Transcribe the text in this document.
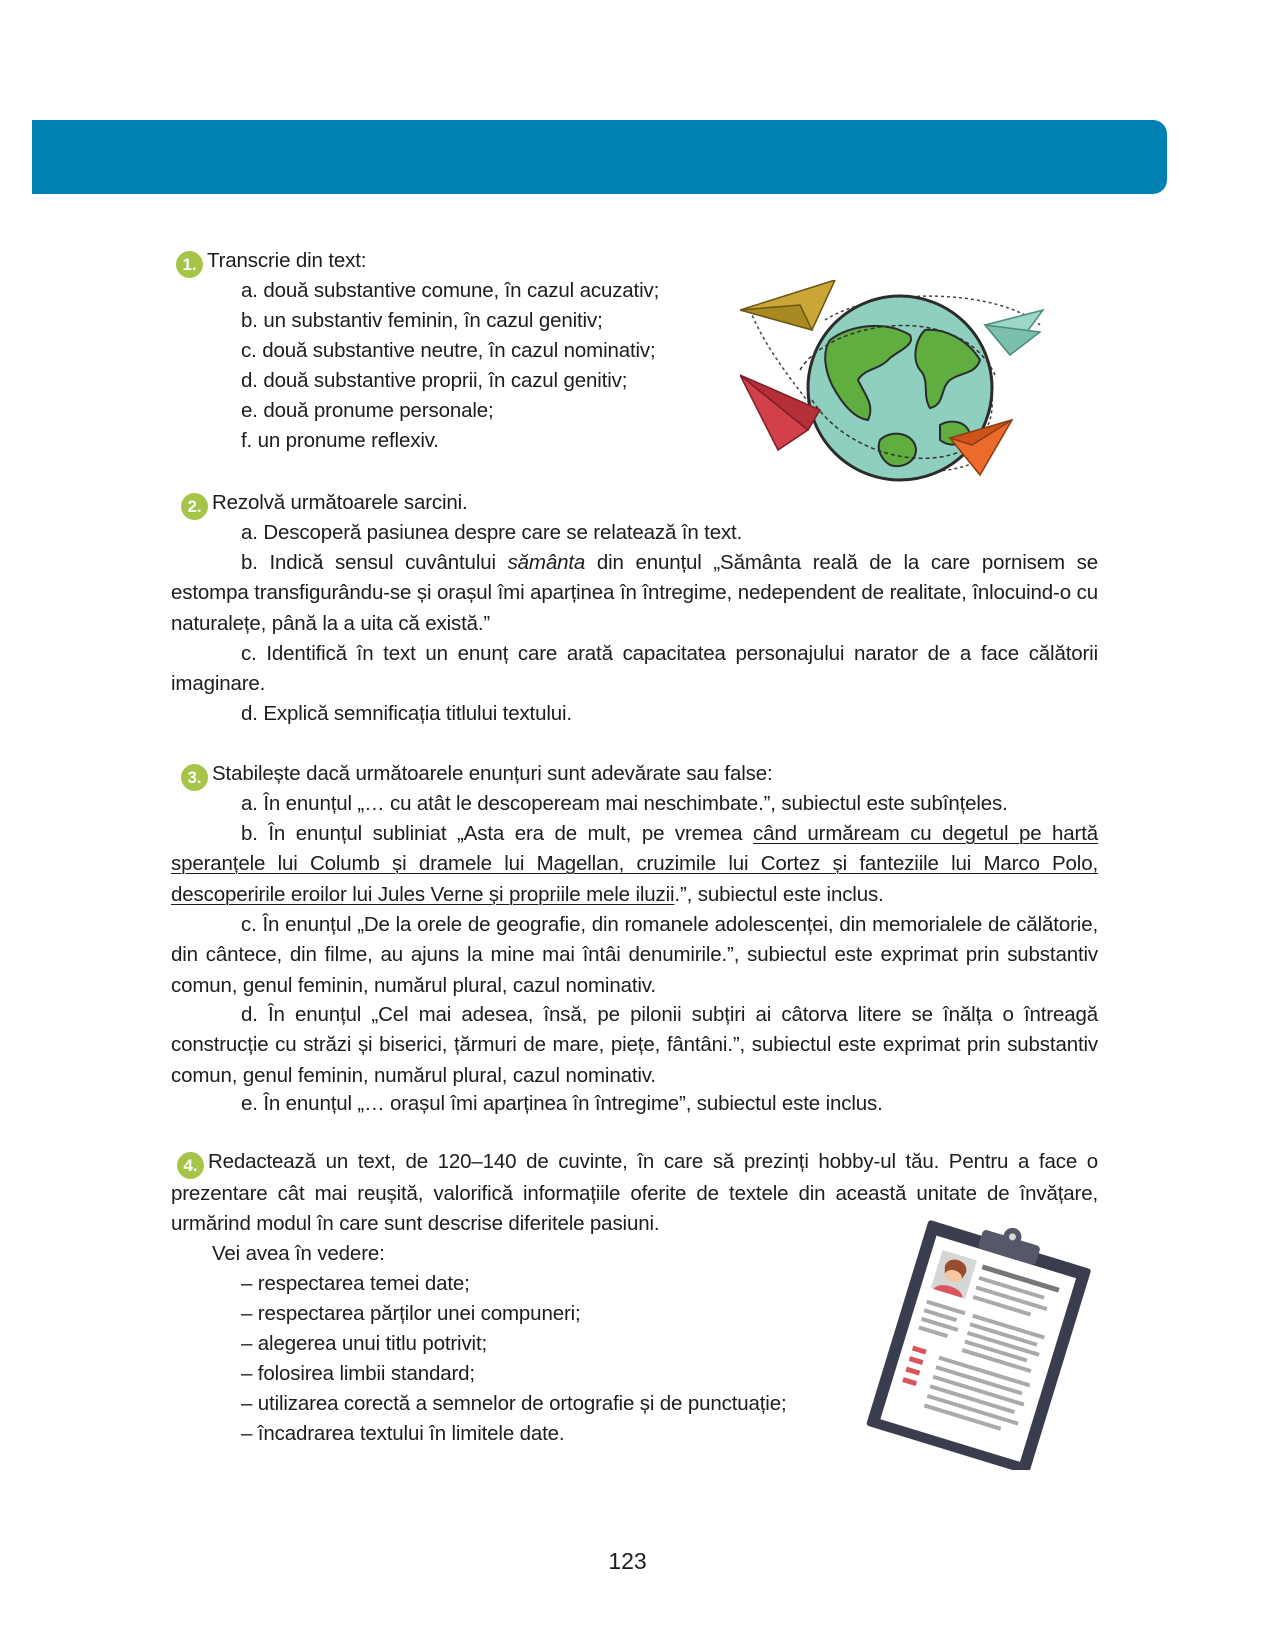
1. Transcrie din text:
a. două substantive comune, în cazul acuzativ;
b. un substantiv feminin, în cazul genitiv;
c. două substantive neutre, în cazul nominativ;
d. două substantive proprii, în cazul genitiv;
e. două pronume personale;
f. un pronume reflexiv.
2. Rezolvă următoarele sarcini.
a. Descoperă pasiunea despre care se relatează în text.
b. Indică sensul cuvântului sământa din enunțul „Sământa reală de la care pornisem se estompa transfigurându-se și orașul îmi aparținea în întregime, nedependent de realitate, înlocuind-o cu naturalețe, până la a uita că există.”
c. Identifică în text un enunț care arată capacitatea personajului narator de a face călătorii imaginare.
d. Explică semnificația titlului textului.
3. Stabilește dacă următoarele enunțuri sunt adevărate sau false:
a. În enunțul „… cu atât le descopeream mai neschimbate.”, subiectul este subînțeles.
b. În enunțul subliniat „Asta era de mult, pe vremea când urmăream cu degetul pe hartă speranțele lui Columb și dramele lui Magellan, cruzimile lui Cortez și fanteziile lui Marco Polo, descoperirile eroilor lui Jules Verne și propriile mele iluzii.”, subiectul este inclus.
c. În enunțul „De la orele de geografie, din romanele adolescenței, din memorialele de călătorie, din cântece, din filme, au ajuns la mine mai întâi denumirile.”, subiectul este exprimat prin substantiv comun, genul feminin, numărul plural, cazul nominativ.
d. În enunțul „Cel mai adesea, însă, pe pilonii subțiri ai câtorva litere se înălța o întreagă construcție cu străzi și biserici, țărmuri de mare, piețe, fântâni.”, subiectul este exprimat prin substantiv comun, genul feminin, numărul plural, cazul nominativ.
e. În enunțul „… orașul îmi aparținea în întregime”, subiectul este inclus.
4. Redactează un text, de 120–140 de cuvinte, în care să prezinți hobby-ul tău. Pentru a face o prezentare cât mai reușită, valorifică informațiile oferite de textele din această unitate de învățare, urmărind modul în care sunt descrise diferitele pasiuni.
Vei avea în vedere:
– respectarea temei date;
– respectarea părților unei compuneri;
– alegerea unui titlu potrivit;
– folosirea limbii standard;
– utilizarea corectă a semnelor de ortografie și de punctuație;
– încadrarea textului în limitele date.
123
